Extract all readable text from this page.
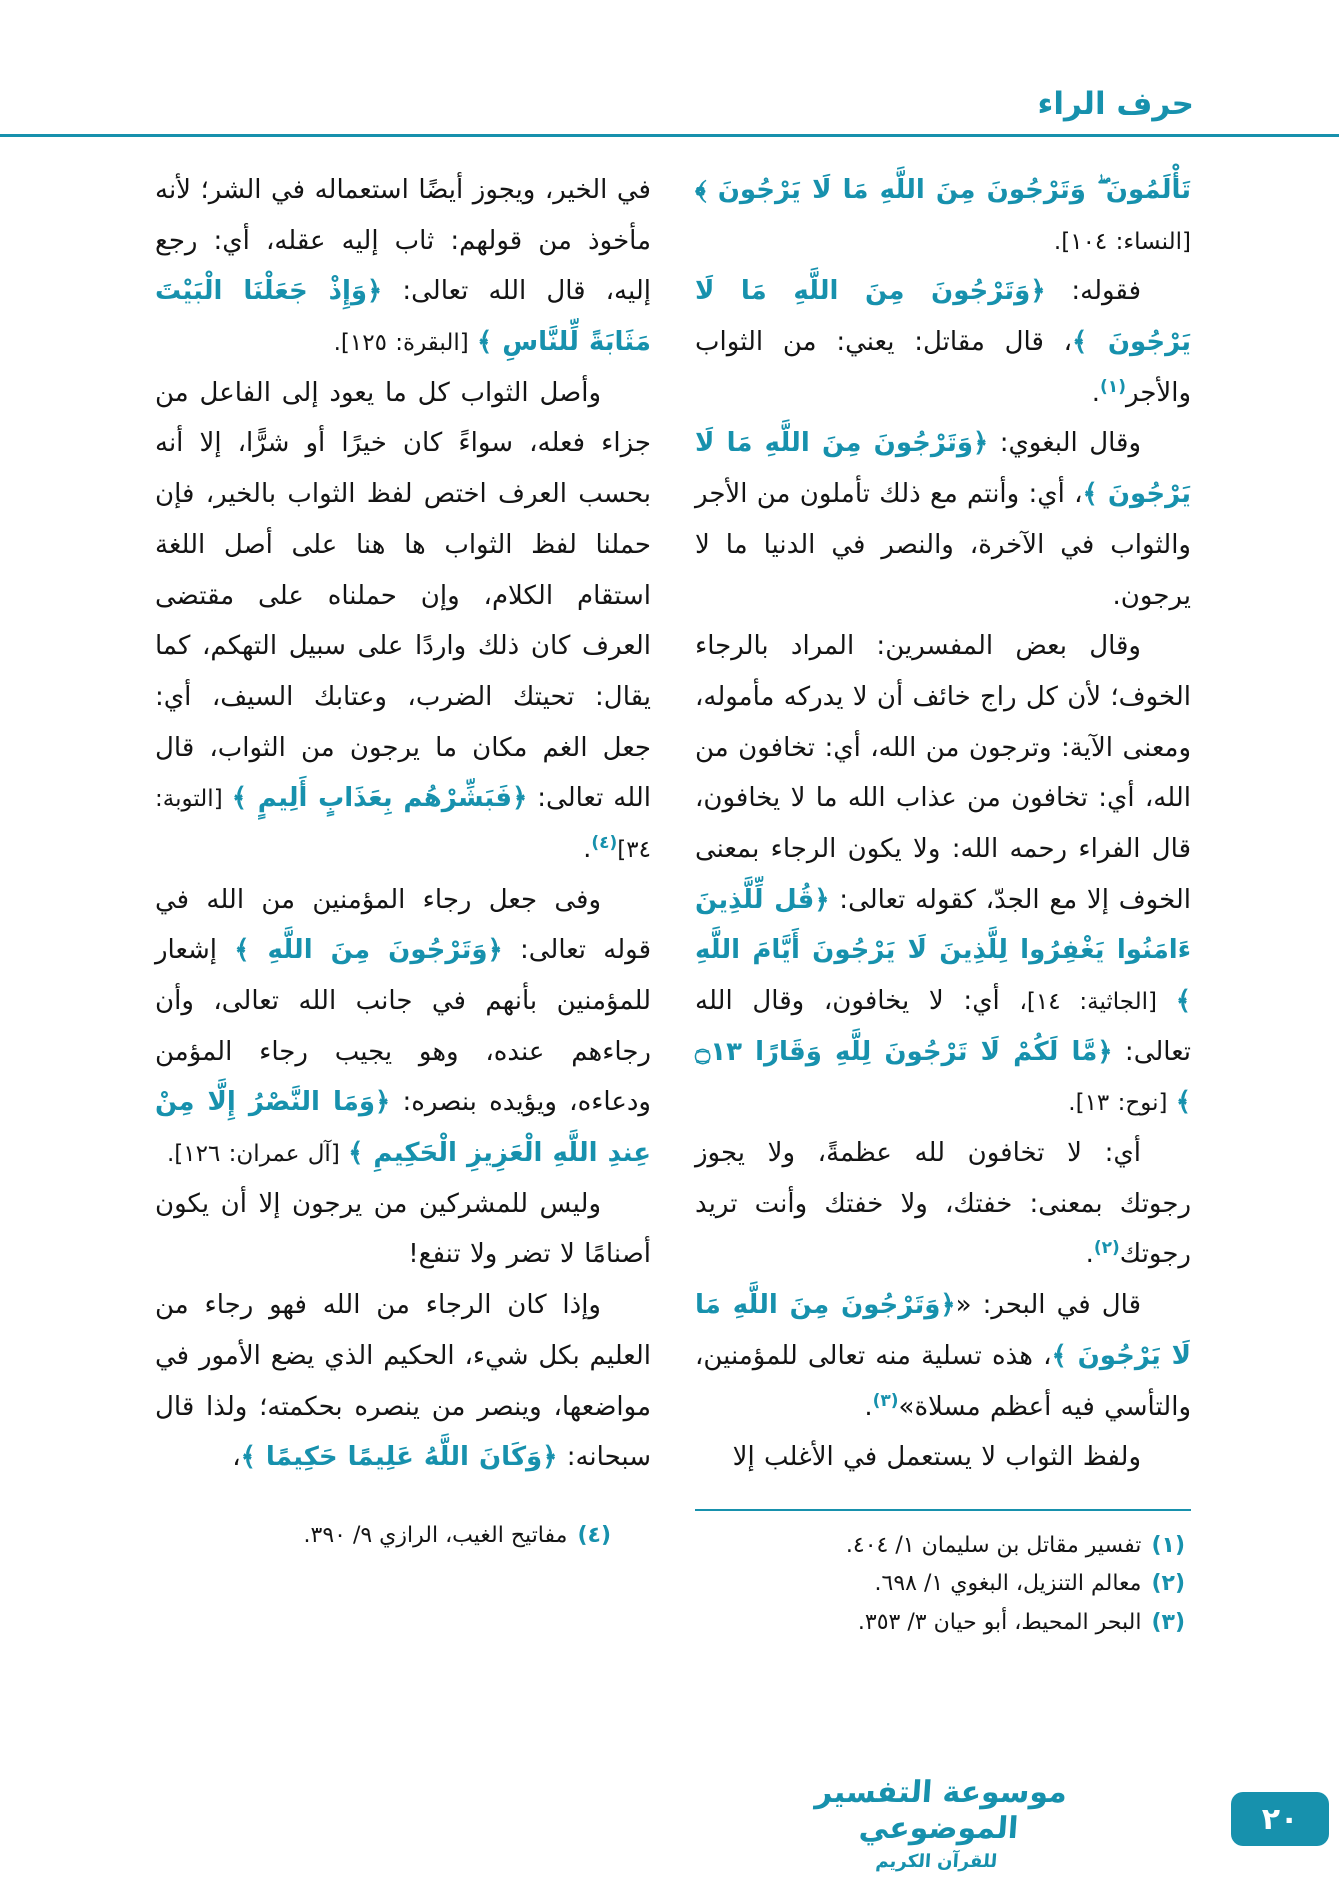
حرف الراء

تَأْلَمُونَ ۖ وَتَرْجُونَ مِنَ اللَّهِ مَا لَا يَرْجُونَ ﴾ [النساء: ١٠٤].

فقوله: ﴿وَتَرْجُونَ مِنَ اللَّهِ مَا لَا يَرْجُونَ ﴾، قال مقاتل: يعني: من الثواب والأجر$^{(١)}$.

وقال البغوي: ﴿وَتَرْجُونَ مِنَ اللَّهِ مَا لَا يَرْجُونَ ﴾، أي: وأنتم مع ذلك تأملون من الأجر والثواب في الآخرة، والنصر في الدنيا ما لا يرجون.

وقال بعض المفسرين: المراد بالرجاء الخوف؛ لأن كل راج خائف أن لا يدركه مأموله، ومعنى الآية: وترجون من الله، أي: تخافون من الله، أي: تخافون من عذاب الله ما لا يخافون، قال الفراء رحمه الله: ولا يكون الرجاء بمعنى الخوف إلا مع الجدّ، كقوله تعالى: ﴿قُل لِّلَّذِينَ ءَامَنُوا يَغْفِرُوا لِلَّذِينَ لَا يَرْجُونَ أَيَّامَ اللَّهِ ﴾ [الجاثية: ١٤]، أي: لا يخافون، وقال الله تعالى: ﴿مَّا لَكُمْ لَا تَرْجُونَ لِلَّهِ وَقَارًا ۝١٣ ﴾ [نوح: ١٣].

أي: لا تخافون لله عظمةً، ولا يجوز رجوتك بمعنى: خفتك، ولا خفتك وأنت تريد رجوتك$^{(٢)}$.

قال في البحر: «﴿وَتَرْجُونَ مِنَ اللَّهِ مَا لَا يَرْجُونَ ﴾، هذه تسلية منه تعالى للمؤمنين، والتأسي فيه أعظم مسلاة»$^{(٣)}$.

ولفظ الثواب لا يستعمل في الأغلب إلا

(١)تفسير مقاتل بن سليمان ١/ ٤٠٤.
(٢)معالم التنزيل، البغوي ١/ ٦٩٨.
(٣)البحر المحيط، أبو حيان ٣/ ٣٥٣.

في الخير، ويجوز أيضًا استعماله في الشر؛ لأنه مأخوذ من قولهم: ثاب إليه عقله، أي: رجع إليه، قال الله تعالى: ﴿وَإِذْ جَعَلْنَا الْبَيْتَ مَثَابَةً لِّلنَّاسِ ﴾ [البقرة: ١٢٥].

وأصل الثواب كل ما يعود إلى الفاعل من جزاء فعله، سواءً كان خيرًا أو شرًّا، إلا أنه بحسب العرف اختص لفظ الثواب بالخير، فإن حملنا لفظ الثواب ها هنا على أصل اللغة استقام الكلام، وإن حملناه على مقتضى العرف كان ذلك واردًا على سبيل التهكم، كما يقال: تحيتك الضرب، وعتابك السيف، أي: جعل الغم مكان ما يرجون من الثواب، قال الله تعالى: ﴿فَبَشِّرْهُم بِعَذَابٍ أَلِيمٍ ﴾ [التوبة: ٣٤]$^{(٤)}$.

وفى جعل رجاء المؤمنين من الله في قوله تعالى: ﴿وَتَرْجُونَ مِنَ اللَّهِ ﴾ إشعار للمؤمنين بأنهم في جانب الله تعالى، وأن رجاءهم عنده، وهو يجيب رجاء المؤمن ودعاءه، ويؤيده بنصره: ﴿وَمَا النَّصْرُ إِلَّا مِنْ عِندِ اللَّهِ الْعَزِيزِ الْحَكِيمِ ﴾ [آل عمران: ١٢٦].

وليس للمشركين من يرجون إلا أن يكون أصنامًا لا تضر ولا تنفع!

وإذا كان الرجاء من الله فهو رجاء من العليم بكل شيء، الحكيم الذي يضع الأمور في مواضعها، وينصر من ينصره بحكمته؛ ولذا قال سبحانه: ﴿وَكَانَ اللَّهُ عَلِيمًا حَكِيمًا ﴾،

(٤)مفاتيح الغيب، الرازي ٩/ ٣٩٠.
موسوعة التفسير الموضوعي
للقرآن الكريم
٢٠
